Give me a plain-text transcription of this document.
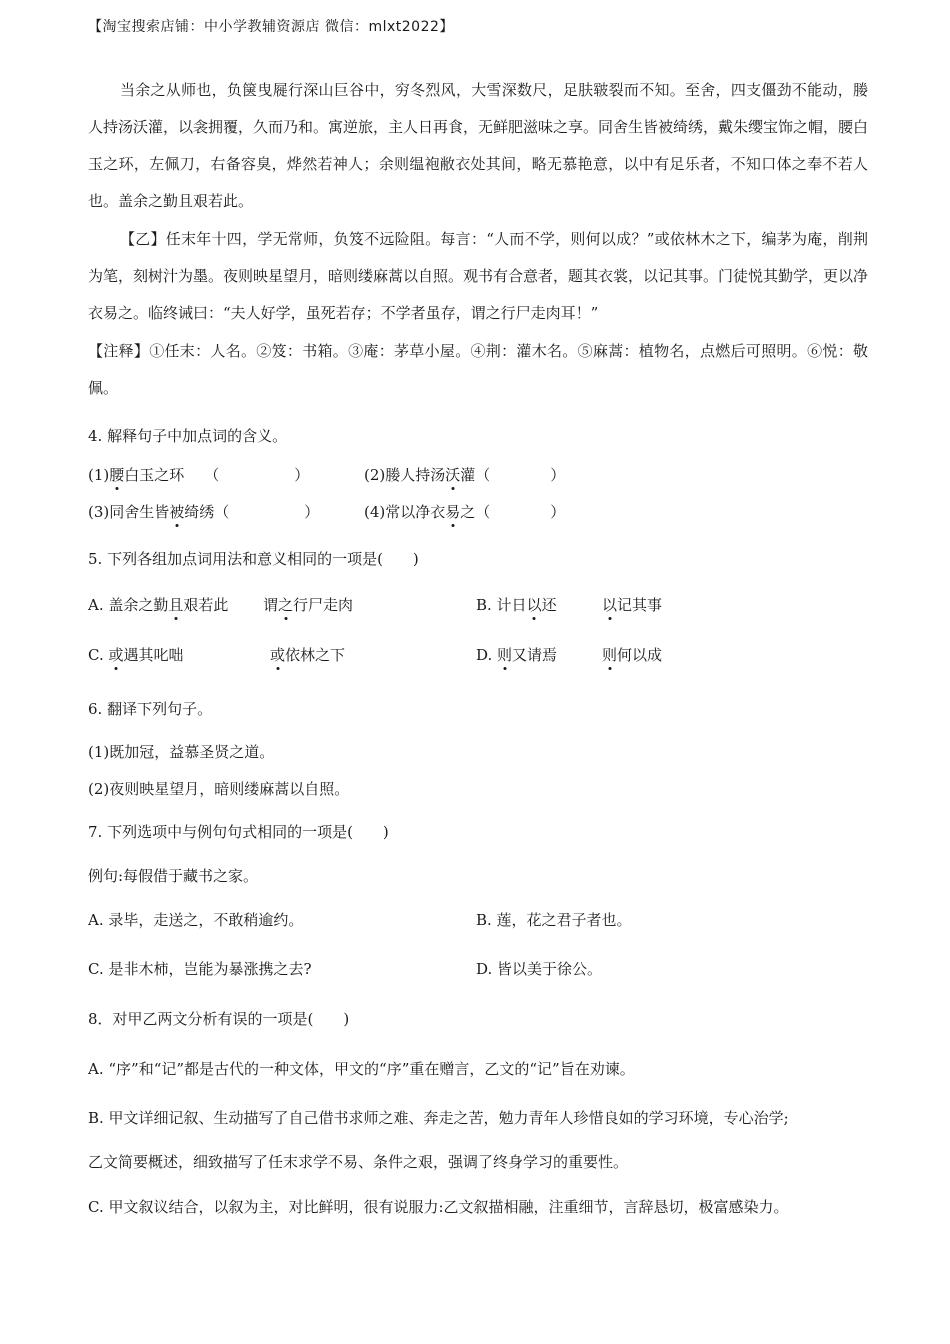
【淘宝搜索店铺：中小学教辅资源店 微信：mlxt2022】

当余之从师也，负箧曳屣行深山巨谷中，穷冬烈风，大雪深数尺，足肤皲裂而不知。至舍，四支僵劲不能动，媵人持汤沃灌，以衾拥覆，久而乃和。寓逆旅，主人日再食，无鲜肥滋味之享。同舍生皆被绮绣，戴朱缨宝饰之帽，腰白玉之环，左佩刀，右备容臭，烨然若神人；余则缊袍敝衣处其间，略无慕艳意，以中有足乐者，不知口体之奉不若人也。盖余之勤且艰若此。

【乙】任末年十四，学无常师，负笈不远险阻。每言：“人而不学，则何以成？”或依林木之下，编茅为庵，削荆为笔，刻树汁为墨。夜则映星望月，暗则缕麻蒿以自照。观书有合意者，题其衣裳，以记其事。门徒悦其勤学，更以净衣易之。临终诫曰：“夫人好学，虽死若存；不学者虽存，谓之行尸走肉耳！”

【注释】①任末：人名。②笈：书箱。③庵：茅草小屋。④荆：灌木名。⑤麻蒿：植物名，点燃后可照明。⑥悦：敬佩。

4. 解释句子中加点词的含义。
(1)腰白玉之环 （　　　　　）	(2)媵人持汤沃灌（　　　　）
(3)同舍生皆被绮绣（　　　　　）	(4)常以净衣易之（　　　　）
5. 下列各组加点词用法和意义相同的一项是(　　)
A. 盖余之勤且艰若此 谓之行尸走肉	B. 计日以还	以记其事
C. 或遇其叱咄	或依林之下	D. 则又请焉	则何以成
6. 翻译下列句子。
(1)既加冠，益慕圣贤之道。
(2)夜则映星望月，暗则缕麻蒿以自照。
7. 下列选项中与例句句式相同的一项是(　　)
例句:每假借于藏书之家。
A. 录毕，走送之，不敢稍逾约。	B. 莲，花之君子者也。
C. 是非木柿，岂能为暴涨携之去?	D. 皆以美于徐公。
8．对甲乙两文分析有误的一项是(　　)
A. “序”和“记”都是古代的一种文体，甲文的“序”重在赠言，乙文的“记”旨在劝谏。
B. 甲文详细记叙、生动描写了自己借书求师之难、奔走之苦，勉力青年人珍惜良如的学习环境，专心治学;
乙文简要概述，细致描写了任末求学不易、条件之艰，强调了终身学习的重要性。
C. 甲文叙议结合，以叙为主，对比鲜明，很有说服力:乙文叙描相融，注重细节，言辞恳切，极富感染力。
